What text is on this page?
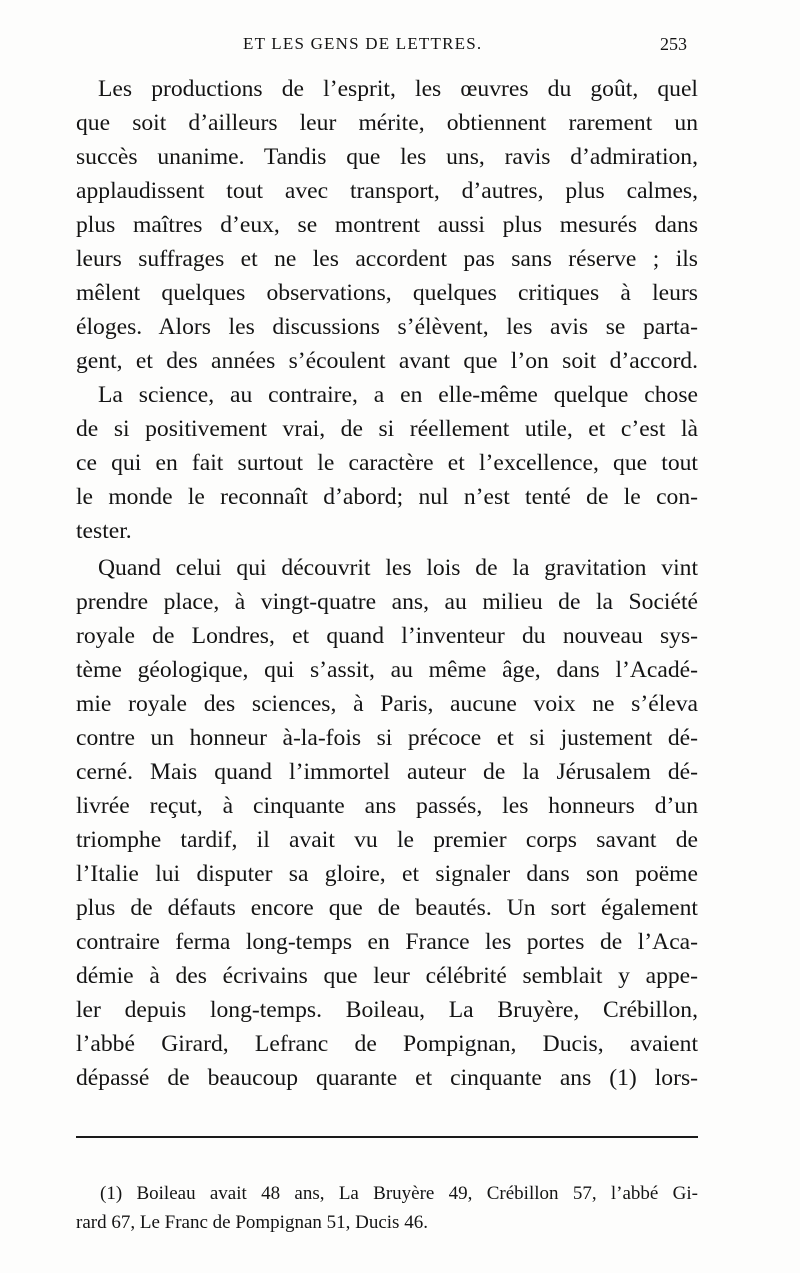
ET LES GENS DE LETTRES.	253
Les productions de l’esprit, les œuvres du goût, quel
que soit d’ailleurs leur mérite, obtiennent rarement un
succès unanime. Tandis que les uns, ravis d’admiration,
applaudissent tout avec transport, d’autres, plus calmes,
plus maîtres d’eux, se montrent aussi plus mesurés dans
leurs suffrages et ne les accordent pas sans réserve ; ils
mêlent quelques observations, quelques critiques à leurs
éloges. Alors les discussions s’élèvent, les avis se parta-
gent, et des années s’écoulent avant que l’on soit d’accord.
La science, au contraire, a en elle-même quelque chose
de si positivement vrai, de si réellement utile, et c’est là
ce qui en fait surtout le caractère et l’excellence, que tout
le monde le reconnaît d’abord; nul n’est tenté de le con-
tester.
Quand celui qui découvrit les lois de la gravitation vint
prendre place, à vingt-quatre ans, au milieu de la Société
royale de Londres, et quand l’inventeur du nouveau sys-
tème géologique, qui s’assit, au même âge, dans l’Acadé-
mie royale des sciences, à Paris, aucune voix ne s’éleva
contre un honneur à-la-fois si précoce et si justement dé-
cerné. Mais quand l’immortel auteur de la Jérusalem dé-
livrée reçut, à cinquante ans passés, les honneurs d’un
triomphe tardif, il avait vu le premier corps savant de
l’Italie lui disputer sa gloire, et signaler dans son poëme
plus de défauts encore que de beautés. Un sort également
contraire ferma long-temps en France les portes de l’Aca-
démie à des écrivains que leur célébrité semblait y appe-
ler depuis long-temps. Boileau, La Bruyère, Crébillon,
l’abbé Girard, Lefranc de Pompignan, Ducis, avaient
dépassé de beaucoup quarante et cinquante ans (1) lors-
(1) Boileau avait 48 ans, La Bruyère 49, Crébillon 57, l’abbé Gi-
rard 67, Le Franc de Pompignan 51, Ducis 46.
